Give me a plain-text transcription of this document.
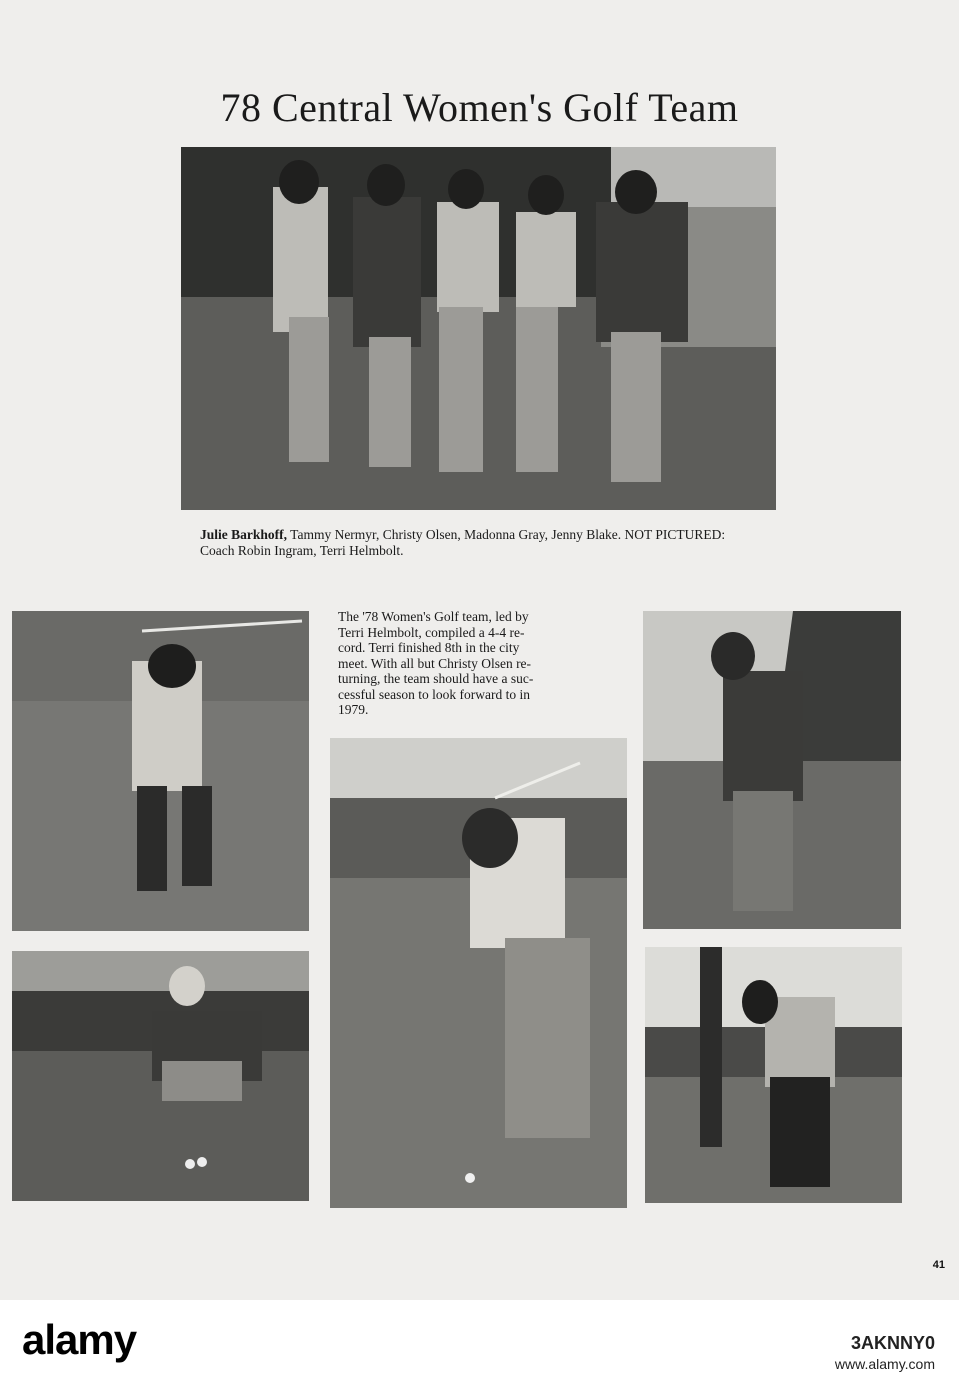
78 Central Women's Golf Team
Julie Barkhoff, Tammy Nermyr, Christy Olsen, Madonna Gray, Jenny Blake. NOT PICTURED: Coach Robin Ingram, Terri Helmbolt.
The '78 Women's Golf team, led by
Terri Helmbolt, compiled a 4-4 re-
cord. Terri finished 8th in the city
meet. With all but Christy Olsen re-
turning, the team should have a suc-
cessful season to look forward to in
1979.
41
alamy	3AKNNY0
www.alamy.com
